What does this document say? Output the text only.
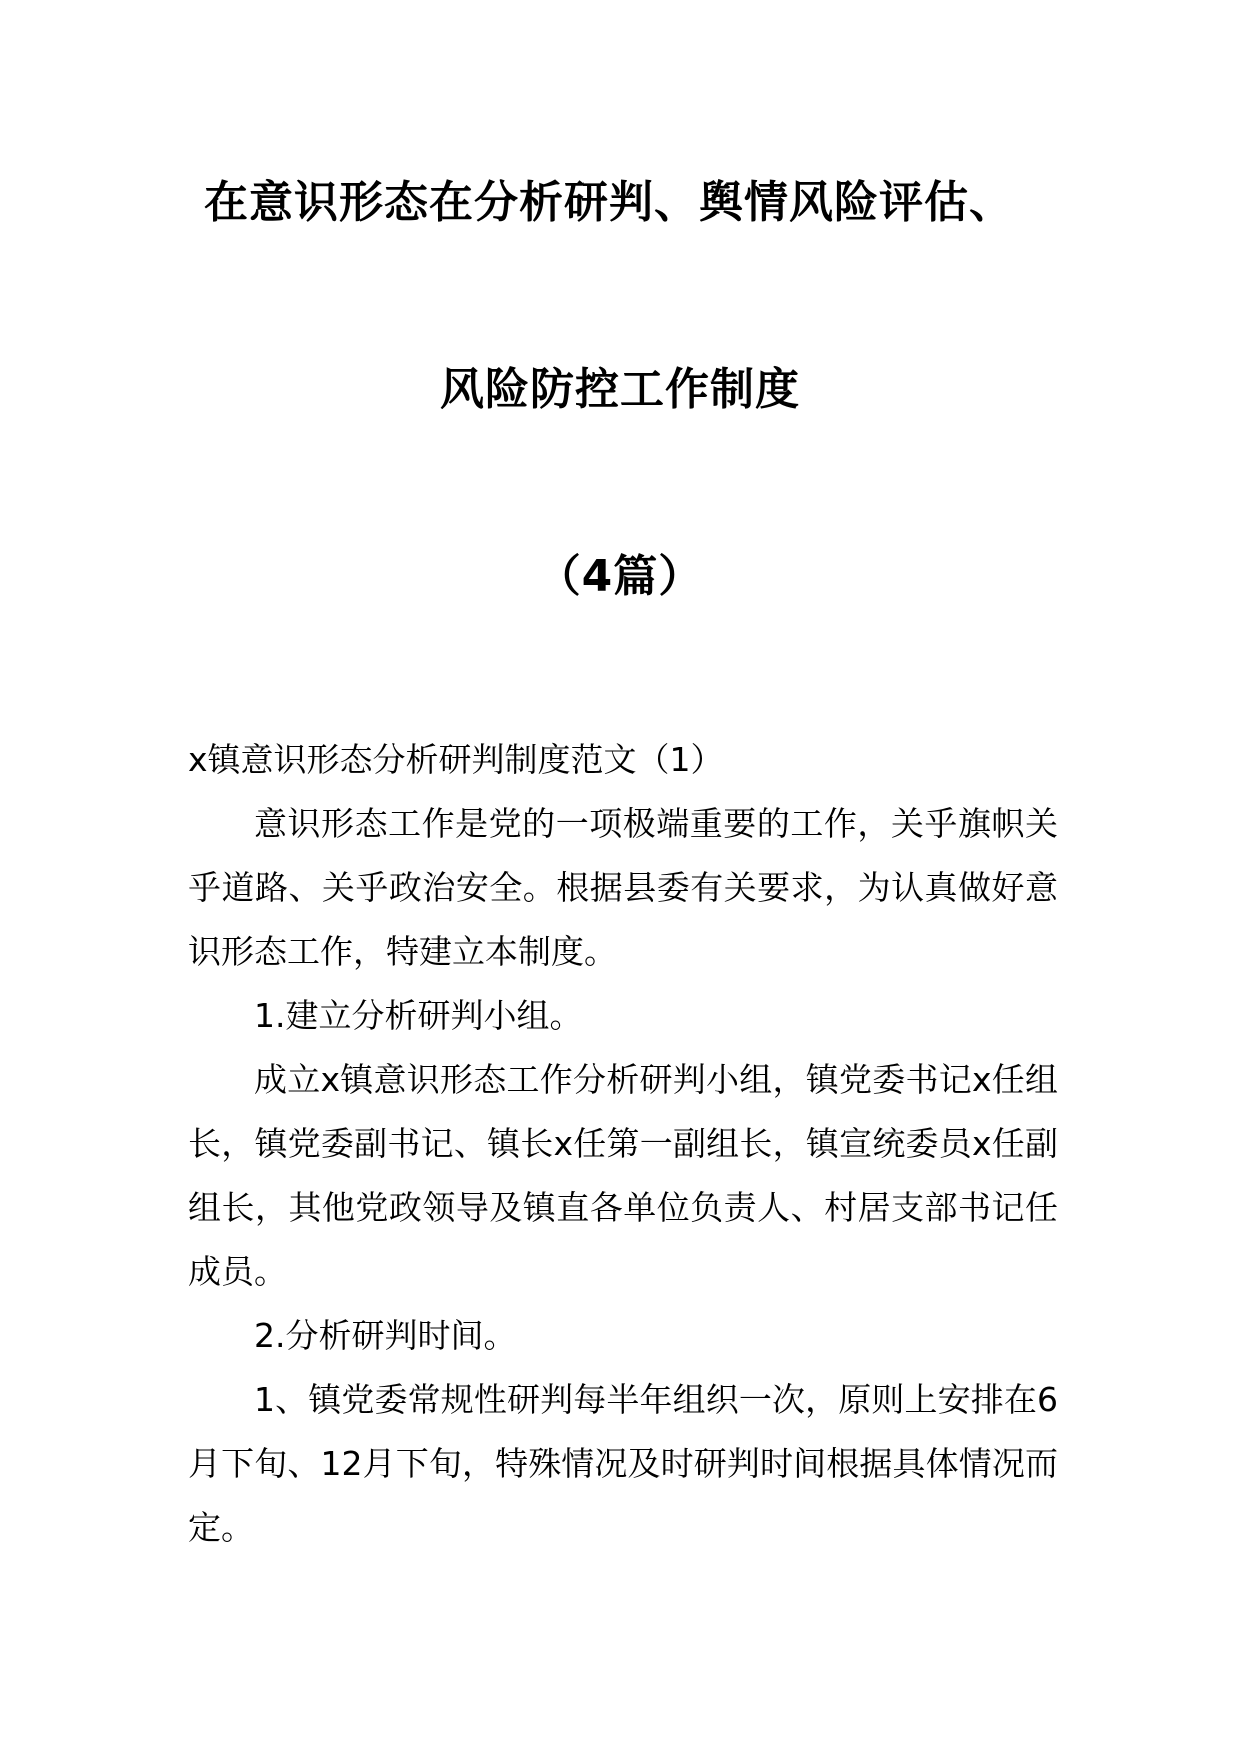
在意识形态在分析研判、舆情风险评估、
风险防控工作制度
（4篇）

x镇意识形态分析研判制度范文（1）

意识形态工作是党的一项极端重要的工作，关乎旗帜关乎道路、关乎政治安全。根据县委有关要求，为认真做好意识形态工作，特建立本制度。

1.建立分析研判小组。

成立x镇意识形态工作分析研判小组，镇党委书记x任组长，镇党委副书记、镇长x任第一副组长，镇宣统委员x任副组长，其他党政领导及镇直各单位负责人、村居支部书记任成员。

2.分析研判时间。

1、镇党委常规性研判每半年组织一次，原则上安排在6月下旬、12月下旬，特殊情况及时研判时间根据具体情况而定。
